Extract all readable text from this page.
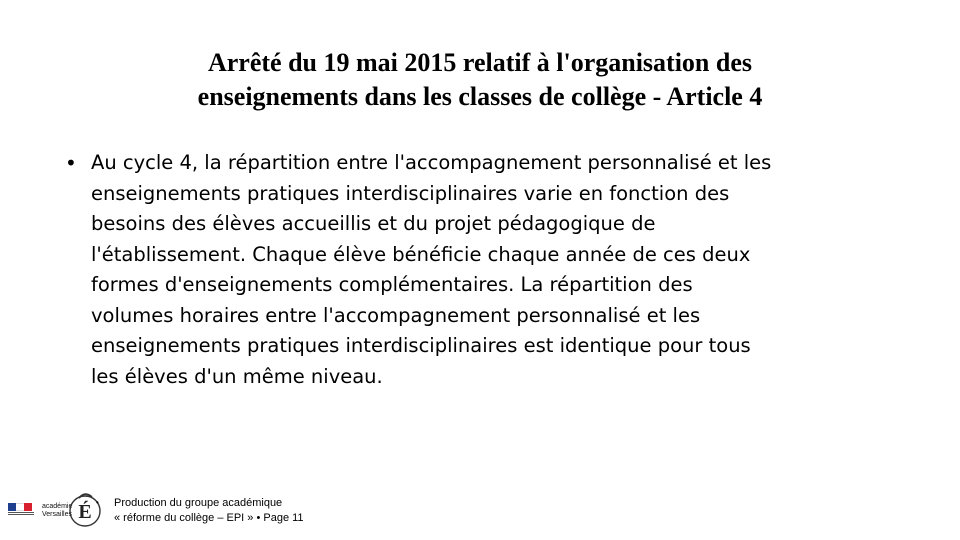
Arrêté du 19 mai 2015 relatif à l'organisation des
enseignements dans les classes de collège - Article 4
• Au cycle 4, la répartition entre l'accompagnement personnalisé et les
enseignements pratiques interdisciplinaires varie en fonction des
besoins des élèves accueillis et du projet pédagogique de
l'établissement. Chaque élève bénéficie chaque année de ces deux
formes d'enseignements complémentaires. La répartition des
volumes horaires entre l'accompagnement personnalisé et les
enseignements pratiques interdisciplinaires est identique pour tous
les élèves d'un même niveau.
académie
Versailles É • Production du groupe académique
« réforme du collège – EPI » • Page 11
